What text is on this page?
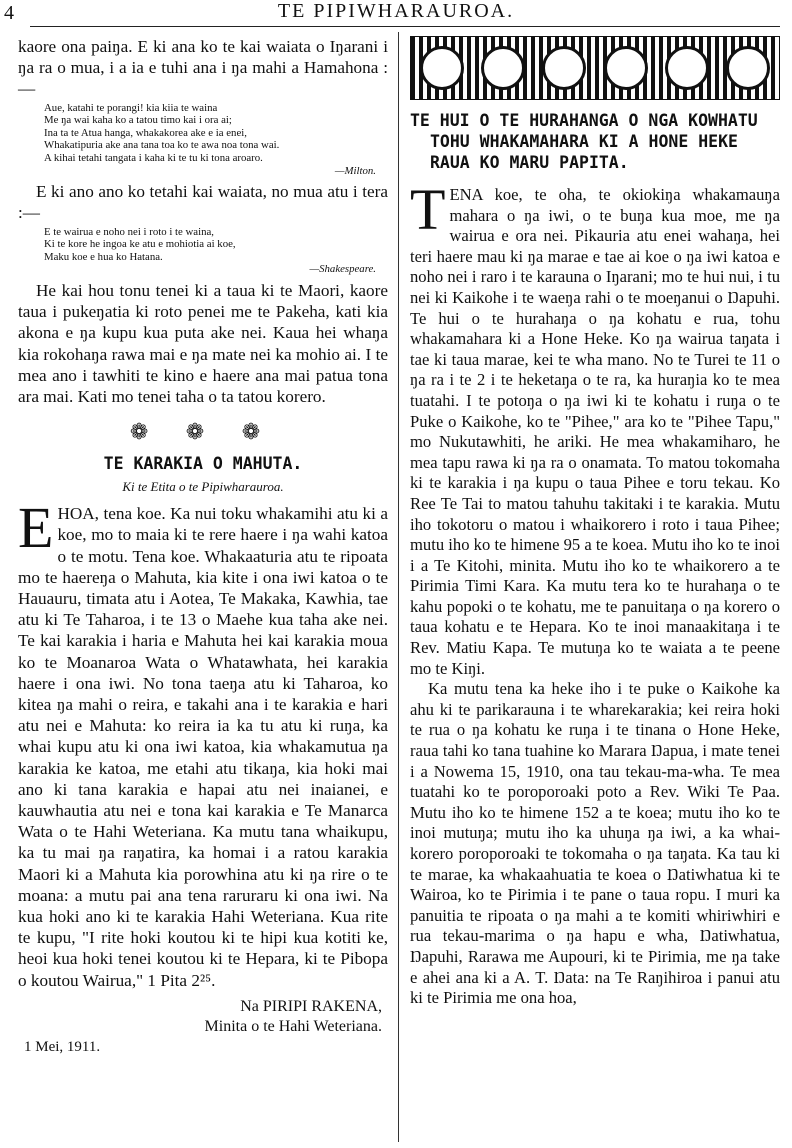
4	TE PIPIWHARAUROA.

kaore ona paiŋa. E ki ana ko te kai waiata o Iŋarani i ŋa ra o mua, i a ia e tuhi ana i ŋa mahi a Hamahona :—

Aue, katahi te porangi! kia kiia te waina
Me ŋa wai kaha ko a tatou timo kai i ora ai;
Ina ta te Atua hanga, whakakorea ake e ia enei,
Whakatipuria ake ana tana toa ko te awa noa tona wai.
A kihai tetahi tangata i kaha ki te tu ki tona aroaro.
—Milton.

E ki ano ano ko tetahi kai waiata, no mua atu i tera :—

E te wairua e noho nei i roto i te waina,
Ki te kore he ingoa ke atu e mohiotia ai koe,
Maku koe e hua ko Hatana.
—Shakespeare.

He kai hou tonu tenei ki a taua ki te Maori, kaore taua i pukeŋatia ki roto penei me te Pakeha, kati kia akona e ŋa kupu kua puta ake nei. Kaua hei whaŋa kia rokohaŋa rawa mai e ŋa mate nei ka mohio ai. I te mea ano i tawhiti te kino e haere ana mai patua tona ara mai. Kati mo tenei taha o ta tatou korero.

❁ ❁ ❁
TE KARAKIA O MAHUTA.
Ki te Etita o te Pipiwharauroa.

EHOA, tena koe. Ka nui toku whakamihi atu ki a koe, mo to maia ki te rere haere i ŋa wahi katoa o te motu. Tena koe. Whakaaturia atu te ripoata mo te haereŋa o Mahuta, kia kite i ona iwi katoa o te Hauauru, timata atu i Aotea, Te Makaka, Kawhia, tae atu ki Te Taharoa, i te 13 o Maehe kua taha ake nei. Te kai karakia i haria e Mahuta hei kai karakia moua ko te Moanaroa Wata o Whatawhata, hei karakia haere i ona iwi. No tona taeŋa atu ki Taharoa, ko kitea ŋa mahi o reira, e takahi ana i te karakia e hari atu nei e Mahuta: ko reira ia ka tu atu ki ruŋa, ka whai kupu atu ki ona iwi katoa, kia whakamutua ŋa karakia ke katoa, me etahi atu tikaŋa, kia hoki mai ano ki tana karakia e hapai atu nei inaianei, e kauwhautia atu nei e tona kai karakia e Te Manarca Wata o te Hahi Weteriana. Ka mutu tana whaikupu, ka tu mai ŋa raŋatira, ka homai i a ratou karakia Maori ki a Mahuta kia porowhina atu ki ŋa rire o te moana: a mutu pai ana tena raruraru ki ona iwi. Na kua hoki ano ki te karakia Hahi Weteriana. Kua rite te kupu, "I rite hoki koutou ki te hipi kua kotiti ke, heoi kua hoki tenei koutou ki te Hepara, ki te Pibopa o koutou Wairua," 1 Pita 2²⁵.

Na PIRIPI RAKENA,
Minita o te Hahi Weteriana.
1 Mei, 1911.
TE HUI O TE HURAHANGA O NGA KOWHATU TOHU WHAKAMAHARA KI A HONE HEKE RAUA KO MARU PAPITA.

TENA koe, te oha, te okiokiŋa whakamauŋa mahara o ŋa iwi, o te buŋa kua moe, me ŋa wairua e ora nei. Pikauria atu enei wahaŋa, hei teri haere mau ki ŋa marae e tae ai koe o ŋa iwi katoa e noho nei i raro i te karauna o Iŋarani; mo te hui nui, i tu nei ki Kaikohe i te waeŋa rahi o te moeŋanui o Ŋapuhi. Te hui o te hurahaŋa o ŋa kohatu e rua, tohu whakamahara ki a Hone Heke. Ko ŋa wairua taŋata i tae ki taua marae, kei te wha mano. No te Turei te 11 o ŋa ra i te 2 i te heketaŋa o te ra, ka huraŋia ko te mea tuatahi. I te potoŋa o ŋa iwi ki te kohatu i ruŋa o te Puke o Kaikohe, ko te "Pihee," ara ko te "Pihee Tapu," mo Nukutawhiti, he ariki. He mea whakamiharo, he mea tapu rawa ki ŋa ra o onamata. To matou tokomaha ki te karakia i ŋa kupu o taua Pihee e toru tekau. Ko Ree Te Tai to matou tahuhu takitaki i te karakia. Mutu iho tokotoru o matou i whaikorero i roto i taua Pihee; mutu iho ko te himene 95 a te koea. Mutu iho ko te inoi i a Te Kitohi, minita. Mutu iho ko te whaikorero a te Pirimia Timi Kara. Ka mutu tera ko te hurahaŋa o te kahu popoki o te kohatu, me te panuitaŋa o ŋa korero o taua kohatu e te Hepara. Ko te inoi manaakitaŋa i te Rev. Matiu Kapa. Te mutuŋa ko te waiata a te peene mo te Kiŋi.

Ka mutu tena ka heke iho i te puke o Kaikohe ka ahu ki te parikarauna i te wharekarakia; kei reira hoki te rua o ŋa kohatu ke ruŋa i te tinana o Hone Heke, raua tahi ko tana tuahine ko Marara Ŋapua, i mate tenei i a Nowema 15, 1910, ona tau tekau-ma-wha. Te mea tuatahi ko te poroporoaki poto a Rev. Wiki Te Paa. Mutu iho ko te himene 152 a te koea; mutu iho ko te inoi mutuŋa; mutu iho ka uhuŋa ŋa iwi, a ka whai-korero poroporoaki te tokomaha o ŋa taŋata. Ka tau ki te marae, ka whakaahuatia te koea o Ŋatiwhatua ki te Wairoa, ko te Pirimia i te pane o taua ropu. I muri ka panuitia te ripoata o ŋa mahi a te komiti whiriwhiri e rua tekau-marima o ŋa hapu e wha, Ŋatiwhatua, Ŋapuhi, Rarawa me Aupouri, ki te Pirimia, me ŋa take e ahei ana ki a A. T. Ŋata: na Te Raŋihiroa i panui atu ki te Pirimia me ona hoa,
